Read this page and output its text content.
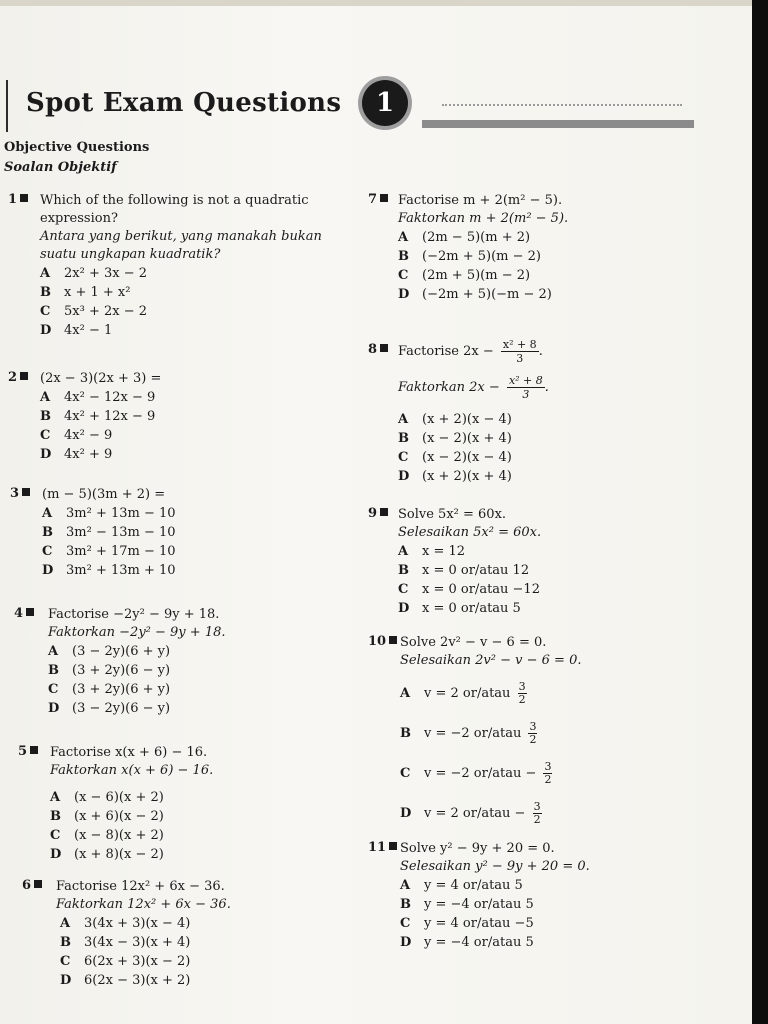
Spot Exam Questions	1
Objective Questions
Soalan Objektif
1	Which of the following is not a quadratic
expression?
Antara yang berikut, yang manakah bukan
suatu ungkapan kuadratik?
A 2x² + 3x − 2
B x + 1 + x²
C 5x³ + 2x − 2
D 4x² − 1
2	(2x − 3)(2x + 3) =
A 4x² − 12x − 9
B 4x² + 12x − 9
C 4x² − 9
D 4x² + 9
3	(m − 5)(3m + 2) =
A 3m² + 13m − 10
B 3m² − 13m − 10
C 3m² + 17m − 10
D 3m² + 13m + 10
4	Factorise −2y² − 9y + 18.
Faktorkan −2y² − 9y + 18.
A (3 − 2y)(6 + y)
B (3 + 2y)(6 − y)
C (3 + 2y)(6 + y)
D (3 − 2y)(6 − y)
5	Factorise x(x + 6) − 16.
Faktorkan x(x + 6) − 16.
A (x − 6)(x + 2)
B (x + 6)(x − 2)
C (x − 8)(x + 2)
D (x + 8)(x − 2)
6	Factorise 12x² + 6x − 36.
Faktorkan 12x² + 6x − 36.
A 3(4x + 3)(x − 4)
B 3(4x − 3)(x + 4)
C 6(2x + 3)(x − 2)
D 6(2x − 3)(x + 2)
7	Factorise m + 2(m² − 5).
Faktorkan m + 2(m² − 5).
A (2m − 5)(m + 2)
B (−2m + 5)(m − 2)
C (2m + 5)(m − 2)
D (−2m + 5)(−m − 2)
8	Factorise $2x - \frac{\text{x² + 8}}{3}$ .
Faktorkan $2x - \frac{\text{x² + 8}}{3}$ .
A (x + 2)(x − 4)
B (x − 2)(x + 4)
C (x − 2)(x − 4)
D (x + 2)(x + 4)
9	Solve 5x² = 60x.
Selesaikan 5x² = 60x.
A x = 12
B x = 0 or/atau 12
C x = 0 or/atau −12
D x = 0 or/atau 5
10	Solve 2v² − v − 6 = 0.
Selesaikan 2v² − v − 6 = 0.
A v = 2 or/atau $\frac{3}{2}$
B v = −2 or/atau $\frac{3}{2}$
C v = −2 or/atau − $\frac{3}{2}$
D v = 2 or/atau − $\frac{3}{2}$
11	Solve y² − 9y + 20 = 0.
Selesaikan y² − 9y + 20 = 0.
A y = 4 or/atau 5
B y = −4 or/atau 5
C y = 4 or/atau −5
D y = −4 or/atau 5
